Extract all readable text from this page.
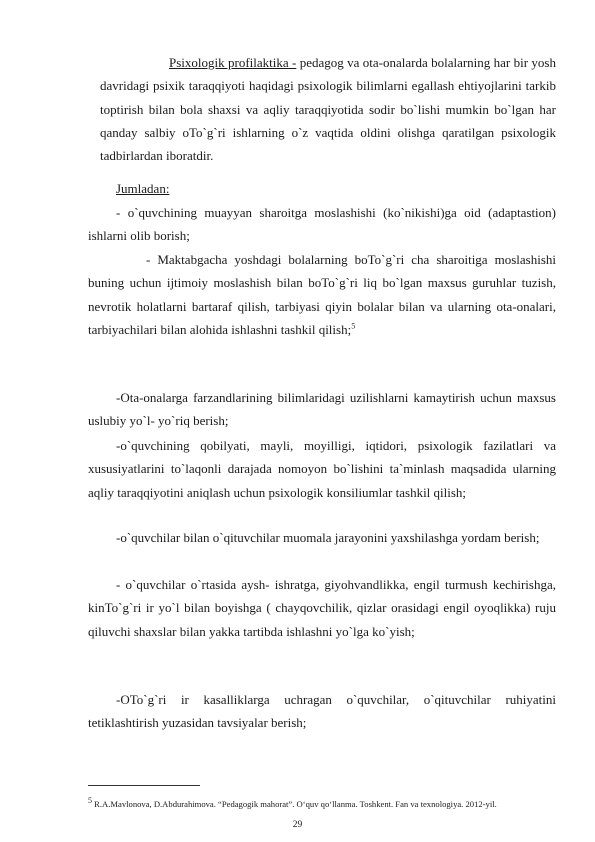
Psixologik profilaktika - pedagog va ota-onalarda bolalarning har bir yosh davridagi psixik taraqqiyoti haqidagi psixologik bilimlarni egallash ehtiyojlarini tarkib toptirish bilan bola shaxsi va aqliy taraqqiyotida sodir bo`lishi mumkin bo`lgan har qanday salbiy oTo`g`ri ishlarning o`z vaqtida oldini olishga qaratilgan psixologik tadbirlardan iboratdir.

Jumladan:

- o`quvchining muayyan sharoitga moslashishi (ko`nikishi)ga oid (adaptastion) ishlarni olib borish;

- Maktabgacha yoshdagi bolalarning boTo`g`ri cha sharoitiga moslashishi buning uchun ijtimoiy moslashish bilan boTo`g`ri liq bo`lgan maxsus guruhlar tuzish, nevrotik holatlarni bartaraf qilish, tarbiyasi qiyin bolalar bilan va ularning ota-onalari, tarbiyachilari bilan alohida ishlashni tashkil qilish;$^5$

-Ota-onalarga farzandlarining bilimlaridagi uzilishlarni kamaytirish uchun maxsus uslubiy yo`l- yo`riq berish;

-o`quvchining qobilyati, mayli, moyilligi, iqtidori, psixologik fazilatlari va xususiyatlarini to`laqonli darajada nomoyon bo`lishini ta`minlash maqsadida ularning aqliy taraqqiyotini aniqlash uchun psixologik konsiliumlar tashkil qilish;

-o`quvchilar bilan o`qituvchilar muomala jarayonini yaxshilashga yordam berish;

- o`quvchilar o`rtasida aysh- ishratga, giyohvandlikka, engil turmush kechirishga, kinTo`g`ri ir yo`l bilan boyishga ( chayqovchilik, qizlar orasidagi engil oyoqlikka) ruju qiluvchi shaxslar bilan yakka tartibda ishlashni yo`lga ko`yish;

-OTo`g`ri ir kasalliklarga uchragan o`quvchilar, o`qituvchilar ruhiyatini tetiklashtirish yuzasidan tavsiyalar berish;

5 R.A.Mavlonova, D.Abdurahimova. “Pedagogik mahorat”. O‘quv qo‘llanma. Toshkent. Fan va texnologiya. 2012-yil.

29
